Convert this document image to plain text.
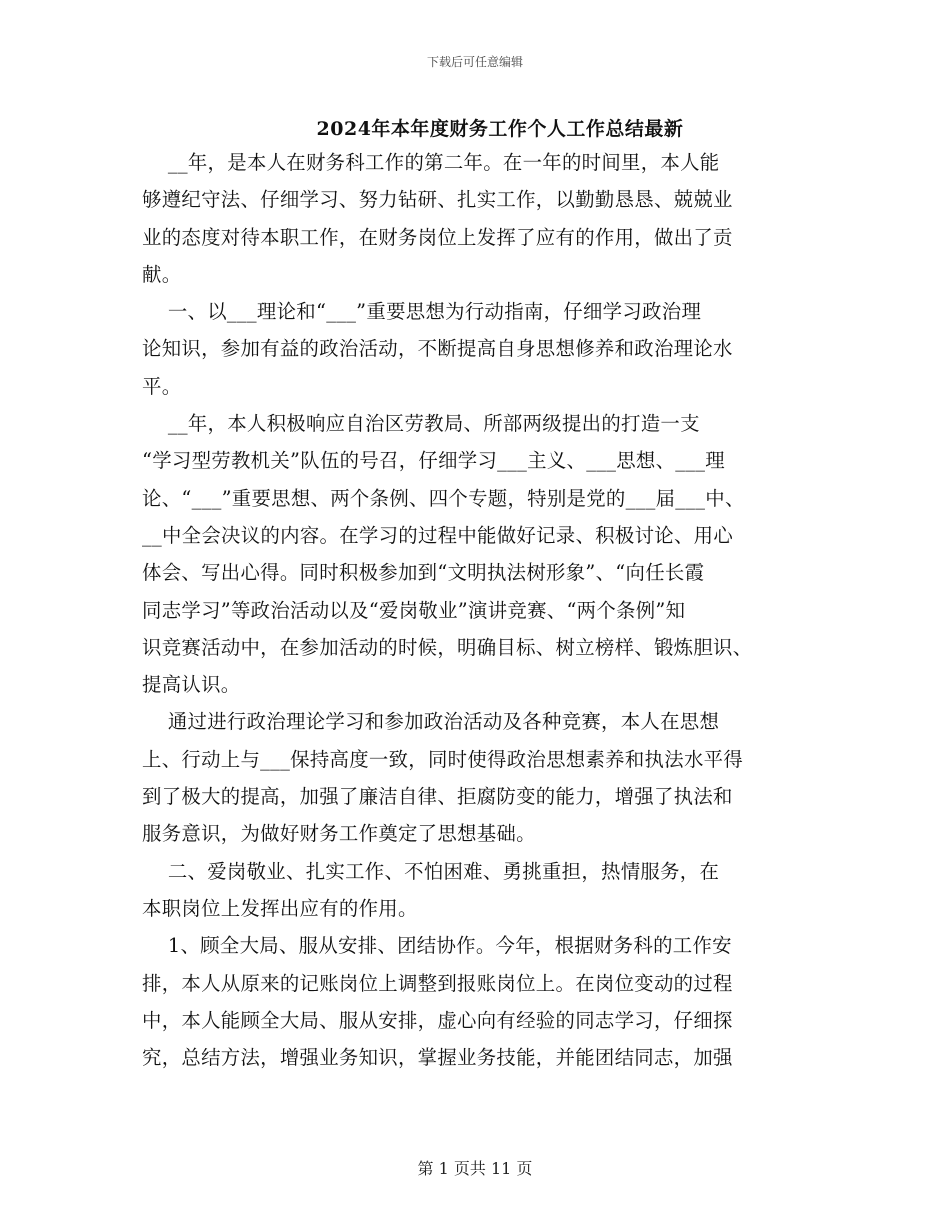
下载后可任意编辑
2024年本年度财务工作个人工作总结最新
__年，是本人在财务科工作的第二年。在一年的时间里，本人能
够遵纪守法、仔细学习、努力钻研、扎实工作，以勤勤恳恳、兢兢业
业的态度对待本职工作，在财务岗位上发挥了应有的作用，做出了贡
献。
一、以___理论和“___”重要思想为行动指南，仔细学习政治理
论知识，参加有益的政治活动，不断提高自身思想修养和政治理论水
平。
__年，本人积极响应自治区劳教局、所部两级提出的打造一支
“学习型劳教机关”队伍的号召，仔细学习___主义、___思想、___理
论、“___”重要思想、两个条例、四个专题，特别是党的___届___中、
__中全会决议的内容。在学习的过程中能做好记录、积极讨论、用心
体会、写出心得。同时积极参加到“文明执法树形象”、“向任长霞
同志学习”等政治活动以及“爱岗敬业”演讲竞赛、“两个条例”知
识竞赛活动中，在参加活动的时候，明确目标、树立榜样、锻炼胆识、
提高认识。
通过进行政治理论学习和参加政治活动及各种竞赛，本人在思想
上、行动上与___保持高度一致，同时使得政治思想素养和执法水平得
到了极大的提高，加强了廉洁自律、拒腐防变的能力，增强了执法和
服务意识，为做好财务工作奠定了思想基础。
二、爱岗敬业、扎实工作、不怕困难、勇挑重担，热情服务，在
本职岗位上发挥出应有的作用。
1、顾全大局、服从安排、团结协作。今年，根据财务科的工作安
排，本人从原来的记账岗位上调整到报账岗位上。在岗位变动的过程
中，本人能顾全大局、服从安排，虚心向有经验的同志学习，仔细探
究，总结方法，增强业务知识，掌握业务技能，并能团结同志，加强
第 1 页共 11 页
